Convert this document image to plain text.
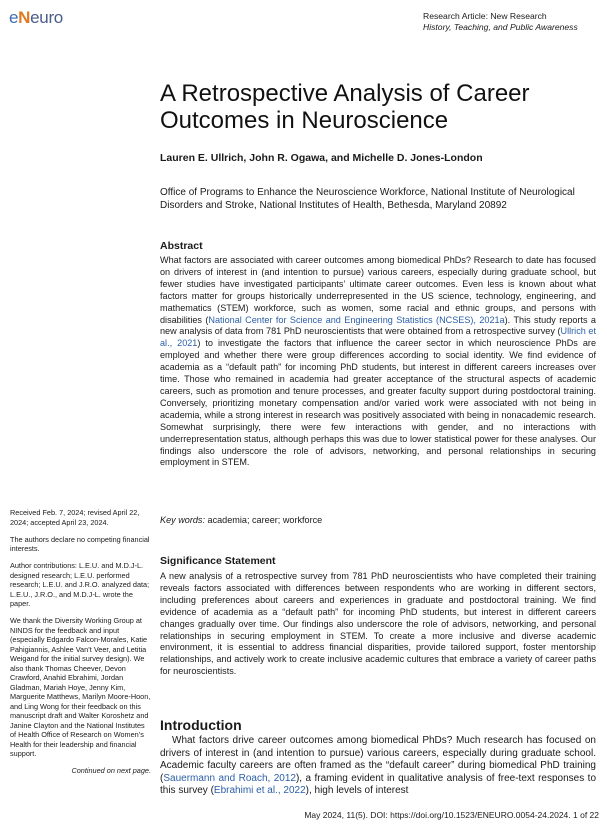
eNeuro	Research Article: New Research
History, Teaching, and Public Awareness
A Retrospective Analysis of Career Outcomes in Neuroscience
Lauren E. Ullrich, John R. Ogawa, and Michelle D. Jones-London
Office of Programs to Enhance the Neuroscience Workforce, National Institute of Neurological Disorders and Stroke, National Institutes of Health, Bethesda, Maryland 20892
Abstract
What factors are associated with career outcomes among biomedical PhDs? Research to date has focused on drivers of interest in (and intention to pursue) various careers, especially during graduate school, but fewer studies have investigated participants’ ultimate career outcomes. Even less is known about what factors matter for groups historically underrepresented in the US science, technology, engineering, and mathematics (STEM) workforce, such as women, some racial and ethnic groups, and persons with disabilities (National Center for Science and Engineering Statistics (NCSES), 2021a). This study reports a new analysis of data from 781 PhD neuroscientists that were obtained from a retrospective survey (Ullrich et al., 2021) to investigate the factors that influence the career sector in which neuroscience PhDs are employed and whether there were group differences according to social identity. We find evidence of academia as a “default path” for incoming PhD students, but interest in different careers increases over time. Those who remained in academia had greater acceptance of the structural aspects of academic careers, such as promotion and tenure processes, and greater faculty support during postdoctoral training. Conversely, prioritizing monetary compensation and/or varied work were associated with not being in academia, while a strong interest in research was positively associated with being in nonacademic research. Somewhat surprisingly, there were few interactions with gender, and no interactions with underrepresentation status, although perhaps this was due to lower statistical power for these analyses. Our findings also underscore the role of advisors, networking, and personal relationships in securing employment in STEM.
Key words: academia; career; workforce
Significance Statement
A new analysis of a retrospective survey from 781 PhD neuroscientists who have completed their training reveals factors associated with differences between respondents who are working in different sectors, including preferences about careers and experiences in graduate and postdoctoral training. We find evidence of academia as a “default path” for incoming PhD students, but interest in different careers changes gradually over time. Our findings also underscore the role of advisors, networking, and personal relationships in securing employment in STEM. To create a more inclusive and diverse academic environment, it is essential to address financial disparities, provide tailored support, foster mentorship relationships, and actively work to create inclusive academic cultures that embrace a variety of career paths for neuroscientists.
Introduction
What factors drive career outcomes among biomedical PhDs? Much research has focused on drivers of interest in (and intention to pursue) various careers, especially during graduate school. Academic faculty careers are often framed as the “default career” during biomedical PhD training (Sauermann and Roach, 2012), a framing evident in qualitative analysis of free-text responses to this survey (Ebrahimi et al., 2022), high levels of interest

Received Feb. 7, 2024; revised April 22, 2024; accepted April 23, 2024.

The authors declare no competing financial interests.

Author contributions: L.E.U. and M.D.J-L. designed research; L.E.U. performed research; L.E.U. and J.R.O. analyzed data; L.E.U., J.R.O., and M.D.J-L. wrote the paper.

We thank the Diversity Working Group at NINDS for the feedback and input (especially Edgardo Falcon-Morales, Katie Pahigiannis, Ashlee Van’t Veer, and Letitia Weigand for the initial survey design). We also thank Thomas Cheever, Devon Crawford, Anahid Ebrahimi, Jordan Gladman, Mariah Hoye, Jenny Kim, Marguerite Matthews, Marilyn Moore-Hoon, and Ling Wong for their feedback on this manuscript draft and Walter Koroshetz and Janine Clayton and the National Institutes of Health Office of Research on Women’s Health for their leadership and financial support.

Continued on next page.

May 2024, 11(5). DOI: https://doi.org/10.1523/ENEURO.0054-24.2024. 1 of 22
